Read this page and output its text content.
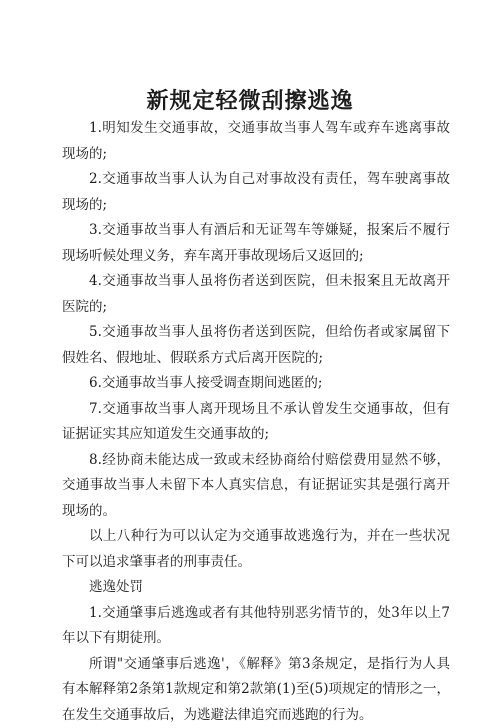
新规定轻微刮擦逃逸

1.明知发生交通事故，交通事故当事人驾车或弃车逃离事故现场的;

2.交通事故当事人认为自己对事故没有责任，驾车驶离事故现场的;

3.交通事故当事人有酒后和无证驾车等嫌疑，报案后不履行现场听候处理义务，弃车离开事故现场后又返回的;

4.交通事故当事人虽将伤者送到医院，但未报案且无故离开医院的;

5.交通事故当事人虽将伤者送到医院，但给伤者或家属留下假姓名、假地址、假联系方式后离开医院的;

6.交通事故当事人接受调查期间逃匿的;

7.交通事故当事人离开现场且不承认曾发生交通事故，但有证据证实其应知道发生交通事故的;

8.经协商未能达成一致或未经协商给付赔偿费用显然不够，交通事故当事人未留下本人真实信息，有证据证实其是强行离开现场的。

以上八种行为可以认定为交通事故逃逸行为，并在一些状况下可以追求肇事者的刑事责任。

逃逸处罚

1.交通肇事后逃逸或者有其他特别恶劣情节的，处3年以上7年以下有期徒刑。

所谓"交通肇事后逃逸'，《解释》第3条规定，是指行为人具有本解释第2条第1款规定和第2款第(1)至(5)项规定的情形之一，在发生交通事故后，为逃避法律追究而逃跑的行为。
